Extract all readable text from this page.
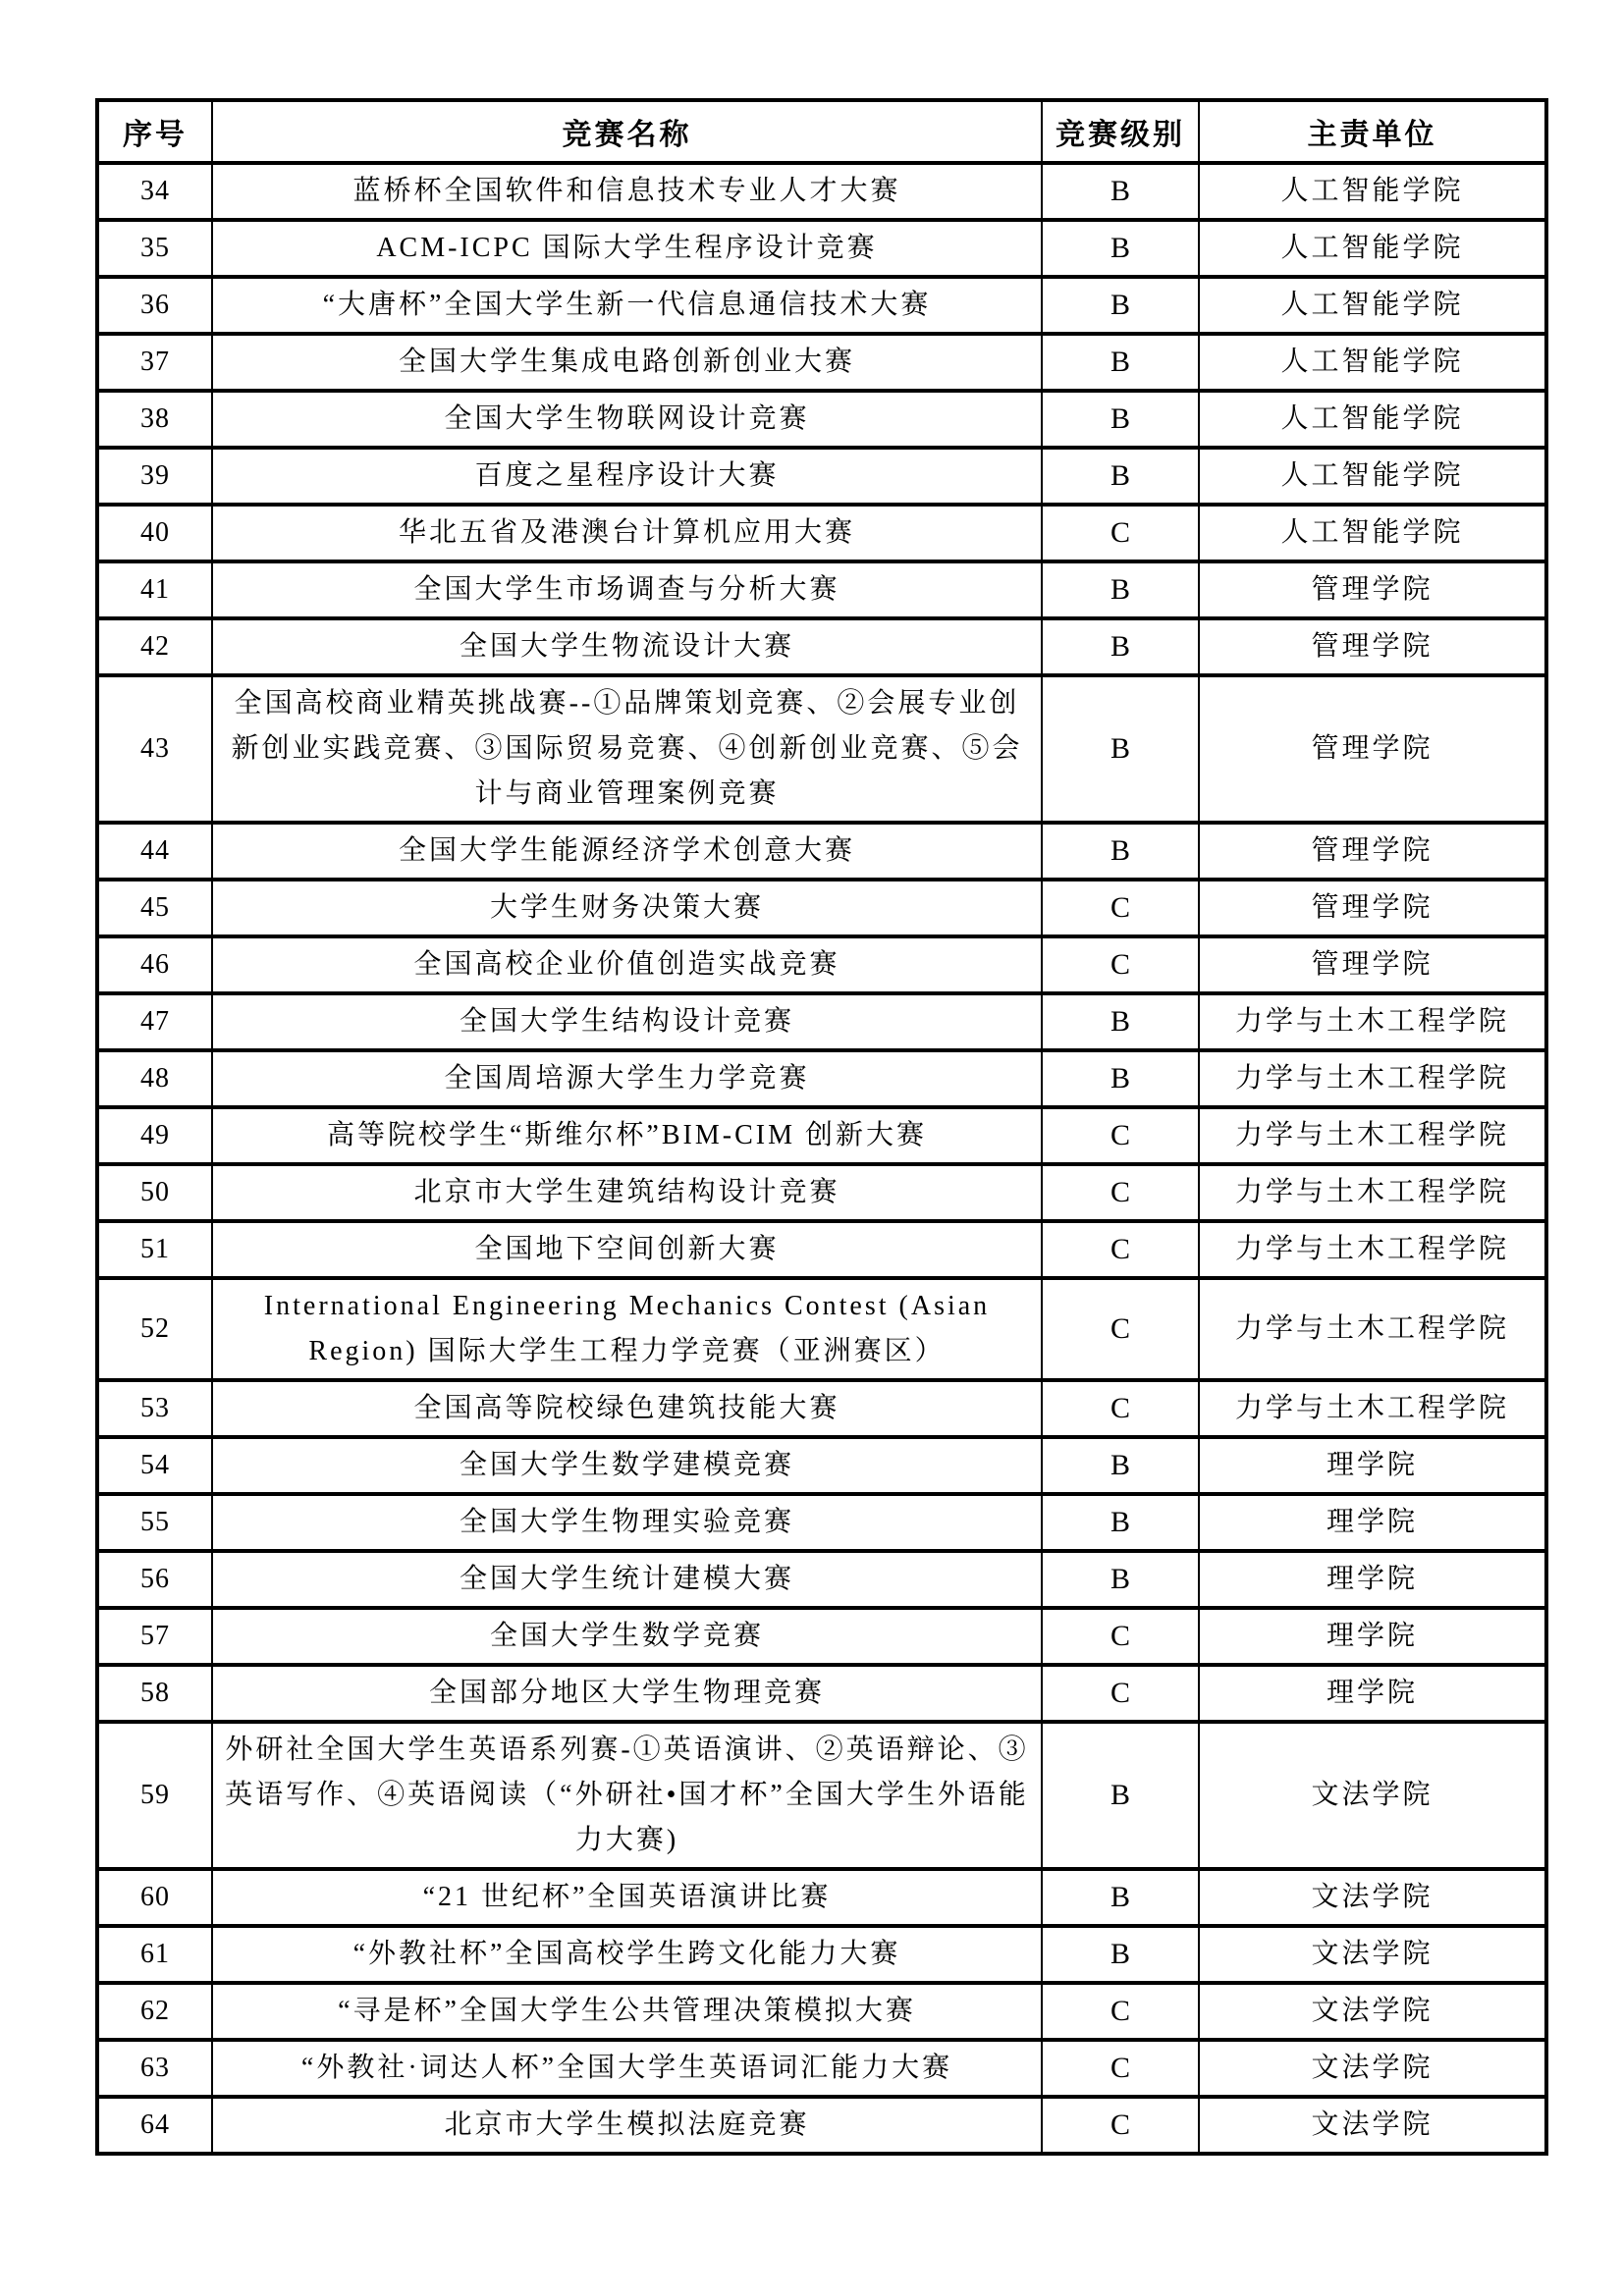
序号	竞赛名称	竞赛级别	主责单位
34	蓝桥杯全国软件和信息技术专业人才大赛	B	人工智能学院
35	ACM-ICPC 国际大学生程序设计竞赛	B	人工智能学院
36	“大唐杯”全国大学生新一代信息通信技术大赛	B	人工智能学院
37	全国大学生集成电路创新创业大赛	B	人工智能学院
38	全国大学生物联网设计竞赛	B	人工智能学院
39	百度之星程序设计大赛	B	人工智能学院
40	华北五省及港澳台计算机应用大赛	C	人工智能学院
41	全国大学生市场调查与分析大赛	B	管理学院
42	全国大学生物流设计大赛	B	管理学院
43	全国高校商业精英挑战赛--①品牌策划竞赛、②会展专业创新创业实践竞赛、③国际贸易竞赛、④创新创业竞赛、⑤会计与商业管理案例竞赛	B	管理学院
44	全国大学生能源经济学术创意大赛	B	管理学院
45	大学生财务决策大赛	C	管理学院
46	全国高校企业价值创造实战竞赛	C	管理学院
47	全国大学生结构设计竞赛	B	力学与土木工程学院
48	全国周培源大学生力学竞赛	B	力学与土木工程学院
49	高等院校学生“斯维尔杯”BIM-CIM 创新大赛	C	力学与土木工程学院
50	北京市大学生建筑结构设计竞赛	C	力学与土木工程学院
51	全国地下空间创新大赛	C	力学与土木工程学院
52	International Engineering Mechanics Contest (Asian Region) 国际大学生工程力学竞赛（亚洲赛区）	C	力学与土木工程学院
53	全国高等院校绿色建筑技能大赛	C	力学与土木工程学院
54	全国大学生数学建模竞赛	B	理学院
55	全国大学生物理实验竞赛	B	理学院
56	全国大学生统计建模大赛	B	理学院
57	全国大学生数学竞赛	C	理学院
58	全国部分地区大学生物理竞赛	C	理学院
59	外研社全国大学生英语系列赛-①英语演讲、②英语辩论、③英语写作、④英语阅读（“外研社•国才杯”全国大学生外语能力大赛)	B	文法学院
60	“21 世纪杯”全国英语演讲比赛	B	文法学院
61	“外教社杯”全国高校学生跨文化能力大赛	B	文法学院
62	“寻是杯”全国大学生公共管理决策模拟大赛	C	文法学院
63	“外教社·词达人杯”全国大学生英语词汇能力大赛	C	文法学院
64	北京市大学生模拟法庭竞赛	C	文法学院
